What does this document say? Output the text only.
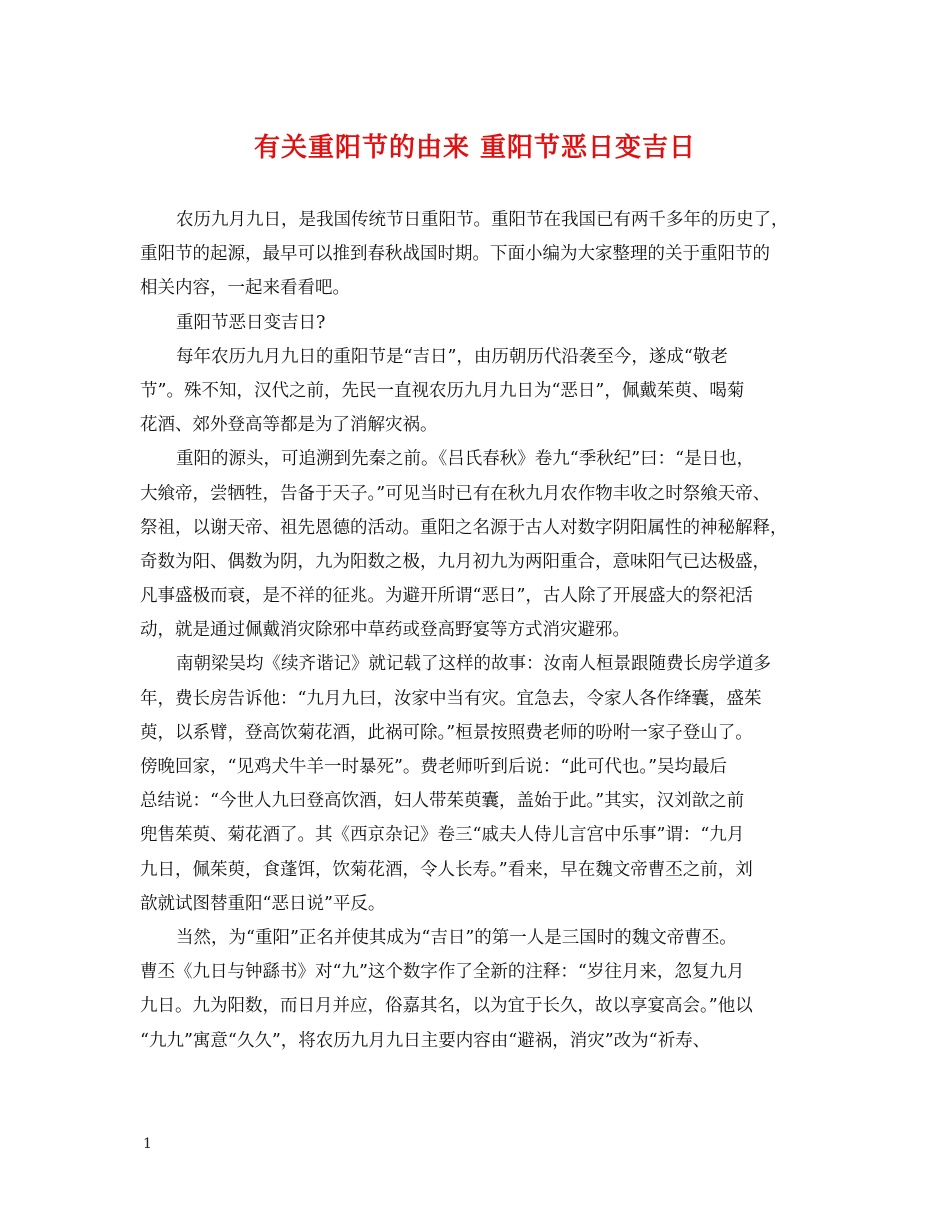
有关重阳节的由来 重阳节恶日变吉日
农历九月九日，是我国传统节日重阳节。重阳节在我国已有两千多年的历史了，
重阳节的起源，最早可以推到春秋战国时期。下面小编为大家整理的关于重阳节的
相关内容，一起来看看吧。
重阳节恶日变吉日?
每年农历九月九日的重阳节是“吉日”，由历朝历代沿袭至今，遂成“敬老
节”。殊不知，汉代之前，先民一直视农历九月九日为“恶日”，佩戴茱萸、喝菊
花酒、郊外登高等都是为了消解灾祸。
重阳的源头，可追溯到先秦之前。《吕氏春秋》卷九“季秋纪”曰：“是日也，
大飨帝，尝牺牲，告备于天子。”可见当时已有在秋九月农作物丰收之时祭飨天帝、
祭祖，以谢天帝、祖先恩德的活动。重阳之名源于古人对数字阴阳属性的神秘解释，
奇数为阳、偶数为阴，九为阳数之极，九月初九为两阳重合，意味阳气已达极盛，
凡事盛极而衰，是不祥的征兆。为避开所谓“恶日”，古人除了开展盛大的祭祀活
动，就是通过佩戴消灾除邪中草药或登高野宴等方式消灾避邪。
南朝梁吴均《续齐谐记》就记载了这样的故事：汝南人桓景跟随费长房学道多
年，费长房告诉他：“九月九曰，汝家中当有灾。宜急去，令家人各作绛囊，盛茱
萸，以系臂，登高饮菊花酒，此祸可除。”桓景按照费老师的吩咐一家子登山了。
傍晚回家，“见鸡犬牛羊一时暴死”。费老师听到后说：“此可代也。”吴均最后
总结说：“今世人九曰登高饮酒，妇人带茱萸囊，盖始于此。”其实，汉刘歆之前
兜售茱萸、菊花酒了。其《西京杂记》卷三“戚夫人侍儿言宫中乐事”谓：“九月
九日，佩茱萸，食蓬饵，饮菊花酒，令人长寿。”看来，早在魏文帝曹丕之前，刘
歆就试图替重阳“恶日说”平反。
当然，为“重阳”正名并使其成为“吉日”的第一人是三国时的魏文帝曹丕。
曹丕《九日与钟繇书》对“九”这个数字作了全新的注释：“岁往月来，忽复九月
九日。九为阳数，而日月并应，俗嘉其名，以为宜于长久，故以享宴高会。”他以
“九九”寓意“久久”，将农历九月九日主要内容由“避祸，消灾”改为“祈寿、
1
